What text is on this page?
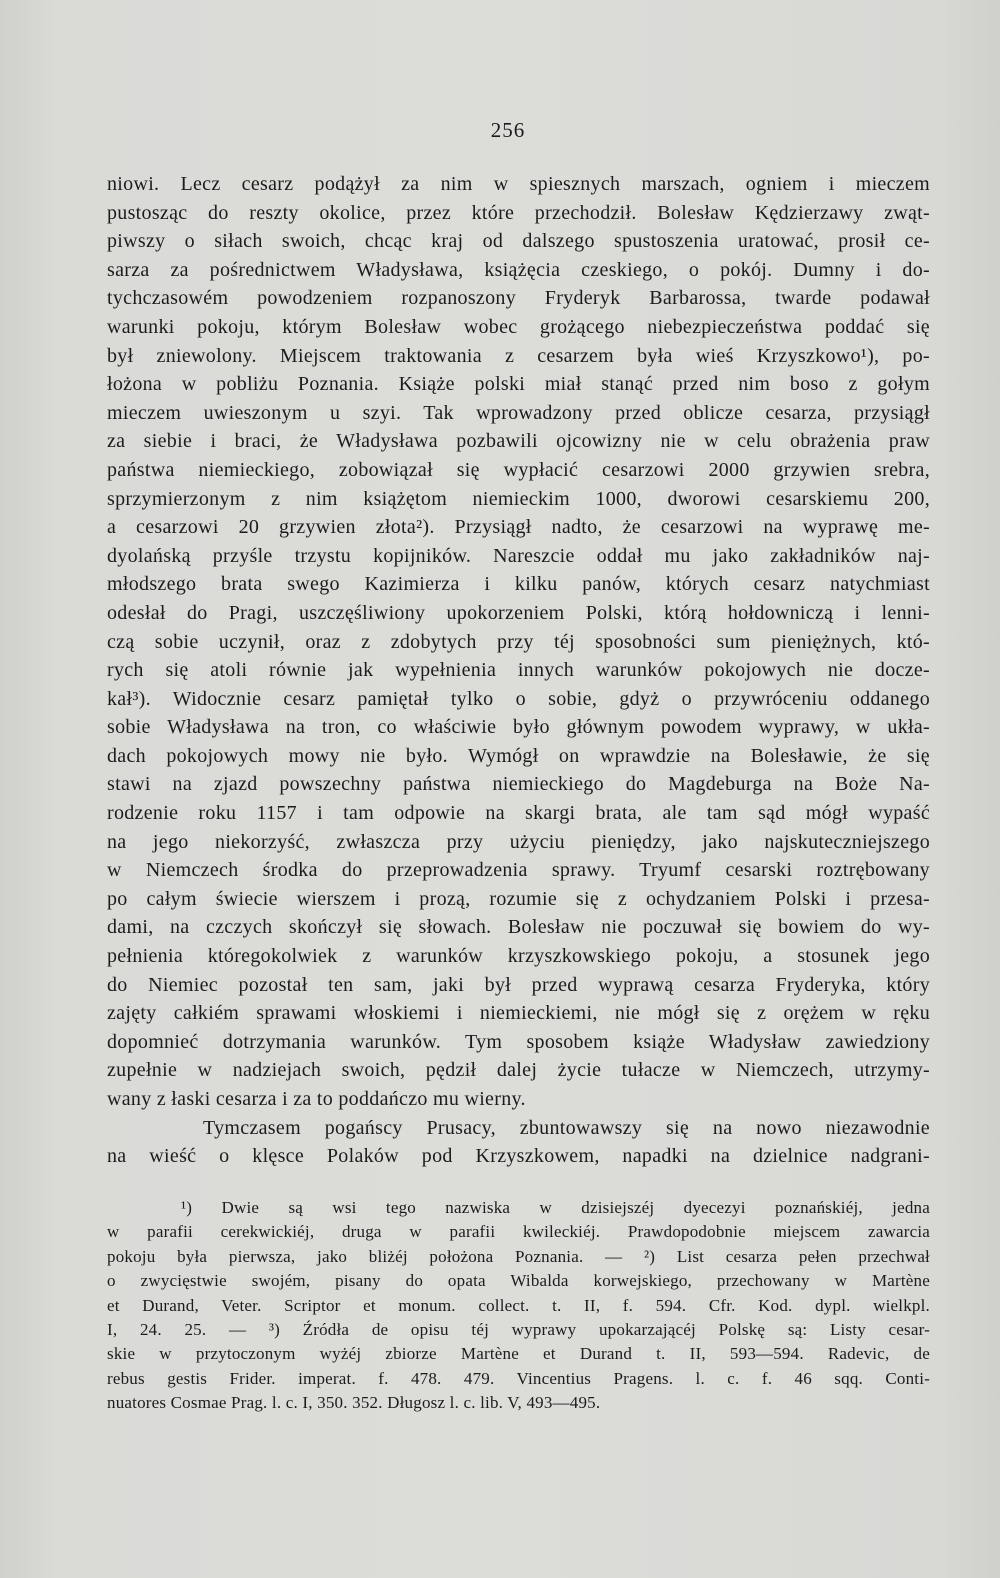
256
niowi. Lecz cesarz podążył za nim w spiesznych marszach, ogniem i mieczem
pustosząc do reszty okolice, przez które przechodził. Bolesław Kędzierzawy zwąt-
piwszy o siłach swoich, chcąc kraj od dalszego spustoszenia uratować, prosił ce-
sarza za pośrednictwem Władysława, książęcia czeskiego, o pokój. Dumny i do-
tychczasowém powodzeniem rozpanoszony Fryderyk Barbarossa, twarde podawał
warunki pokoju, którym Bolesław wobec grożącego niebezpieczeństwa poddać się
był zniewolony. Miejscem traktowania z cesarzem była wieś Krzyszkowo¹), po-
łożona w pobliżu Poznania. Książe polski miał stanąć przed nim boso z gołym
mieczem uwieszonym u szyi. Tak wprowadzony przed oblicze cesarza, przysiągł
za siebie i braci, że Władysława pozbawili ojcowizny nie w celu obrażenia praw
państwa niemieckiego, zobowiązał się wypłacić cesarzowi 2000 grzywien srebra,
sprzymierzonym z nim książętom niemieckim 1000, dworowi cesarskiemu 200,
a cesarzowi 20 grzywien złota²). Przysiągł nadto, że cesarzowi na wyprawę me-
dyolańską przyśle trzystu kopijników. Nareszcie oddał mu jako zakładników naj-
młodszego brata swego Kazimierza i kilku panów, których cesarz natychmiast
odesłał do Pragi, uszczęśliwiony upokorzeniem Polski, którą hołdowniczą i lenni-
czą sobie uczynił, oraz z zdobytych przy téj sposobności sum pieniężnych, któ-
rych się atoli równie jak wypełnienia innych warunków pokojowych nie docze-
kał³). Widocznie cesarz pamiętał tylko o sobie, gdyż o przywróceniu oddanego
sobie Władysława na tron, co właściwie było głównym powodem wyprawy, w ukła-
dach pokojowych mowy nie było. Wymógł on wprawdzie na Bolesławie, że się
stawi na zjazd powszechny państwa niemieckiego do Magdeburga na Boże Na-
rodzenie roku 1157 i tam odpowie na skargi brata, ale tam sąd mógł wypaść
na jego niekorzyść, zwłaszcza przy użyciu pieniędzy, jako najskuteczniejszego
w Niemczech środka do przeprowadzenia sprawy. Tryumf cesarski roztrębowany
po całym świecie wierszem i prozą, rozumie się z ochydzaniem Polski i przesa-
dami, na czczych skończył się słowach. Bolesław nie poczuwał się bowiem do wy-
pełnienia któregokolwiek z warunków krzyszkowskiego pokoju, a stosunek jego
do Niemiec pozostał ten sam, jaki był przed wyprawą cesarza Fryderyka, który
zajęty całkiém sprawami włoskiemi i niemieckiemi, nie mógł się z orężem w ręku
dopomnieć dotrzymania warunków. Tym sposobem książe Władysław zawiedziony
zupełnie w nadziejach swoich, pędził dalej życie tułacze w Niemczech, utrzymy-
wany z łaski cesarza i za to poddańczo mu wierny.
Tymczasem pogańscy Prusacy, zbuntowawszy się na nowo niezawodnie
na wieść o klęsce Polaków pod Krzyszkowem, napadki na dzielnice nadgrani-
¹) Dwie są wsi tego nazwiska w dzisiejszéj dyecezyi poznańskiéj, jedna
w parafii cerekwickiéj, druga w parafii kwileckiéj. Prawdopodobnie miejscem zawarcia
pokoju była pierwsza, jako bliżéj położona Poznania. — ²) List cesarza pełen przechwał
o zwycięstwie swojém, pisany do opata Wibalda korwejskiego, przechowany w Martène
et Durand, Veter. Scriptor et monum. collect. t. II, f. 594. Cfr. Kod. dypl. wielkpl.
I, 24. 25. — ³) Źródła de opisu téj wyprawy upokarzającéj Polskę są: Listy cesar-
skie w przytoczonym wyżéj zbiorze Martène et Durand t. II, 593—594. Radevic, de
rebus gestis Frider. imperat. f. 478. 479. Vincentius Pragens. l. c. f. 46 sqq. Conti-
nuatores Cosmae Prag. l. c. I, 350. 352. Długosz l. c. lib. V, 493—495.
